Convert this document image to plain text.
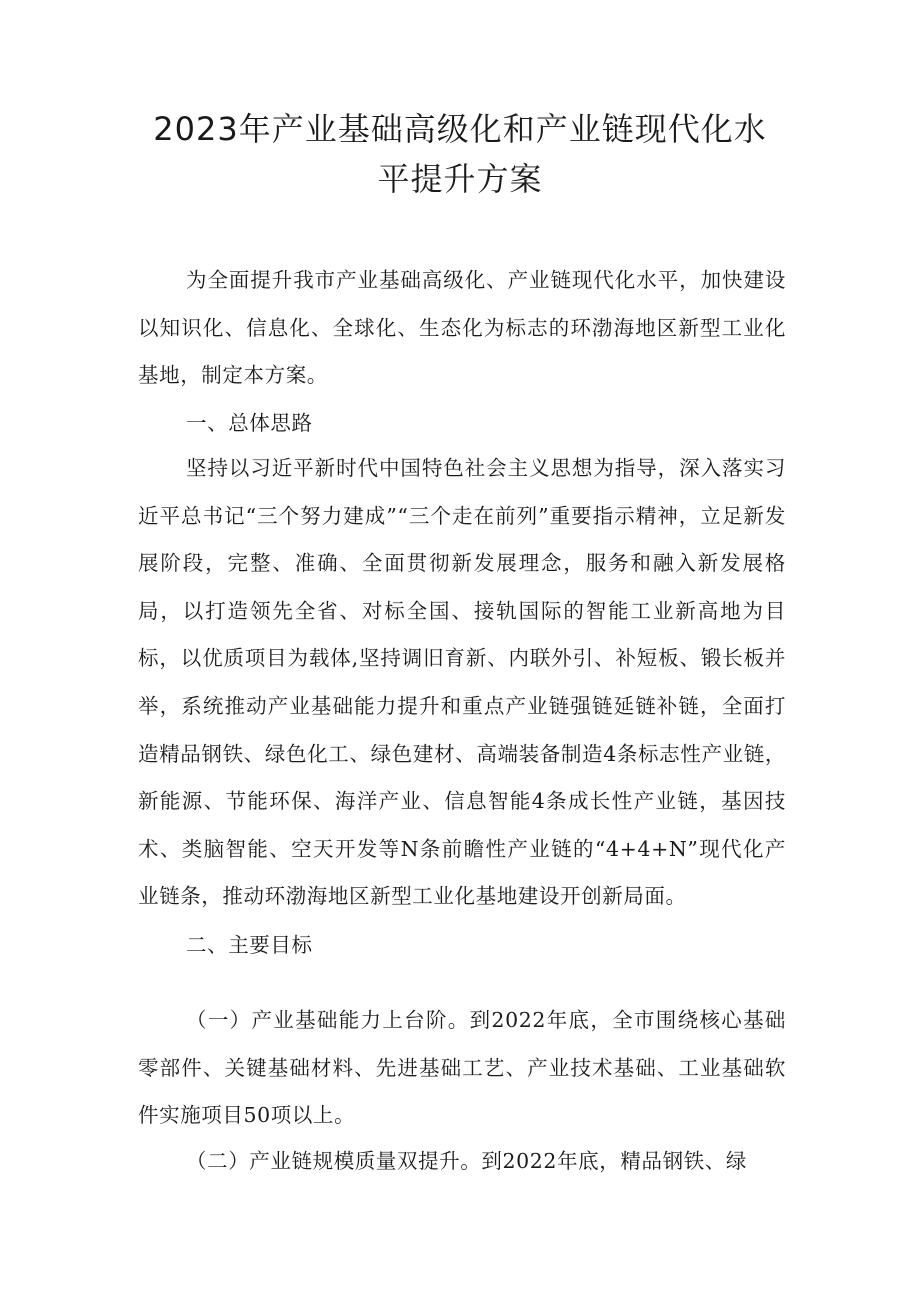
2023年产业基础高级化和产业链现代化水平提升方案

为全面提升我市产业基础高级化、产业链现代化水平，加快建设以知识化、信息化、全球化、生态化为标志的环渤海地区新型工业化基地，制定本方案。

一、总体思路

坚持以习近平新时代中国特色社会主义思想为指导，深入落实习近平总书记“三个努力建成”“三个走在前列”重要指示精神，立足新发展阶段，完整、准确、全面贯彻新发展理念，服务和融入新发展格局，以打造领先全省、对标全国、接轨国际的智能工业新高地为目标，以优质项目为载体,坚持调旧育新、内联外引、补短板、锻长板并举，系统推动产业基础能力提升和重点产业链强链延链补链，全面打造精品钢铁、绿色化工、绿色建材、高端装备制造4条标志性产业链，新能源、节能环保、海洋产业、信息智能4条成长性产业链，基因技术、类脑智能、空天开发等N条前瞻性产业链的“4+4+N”现代化产业链条，推动环渤海地区新型工业化基地建设开创新局面。

二、主要目标

（一）产业基础能力上台阶。到2022年底，全市围绕核心基础零部件、关键基础材料、先进基础工艺、产业技术基础、工业基础软件实施项目50项以上。

（二）产业链规模质量双提升。到2022年底，精品钢铁、绿
